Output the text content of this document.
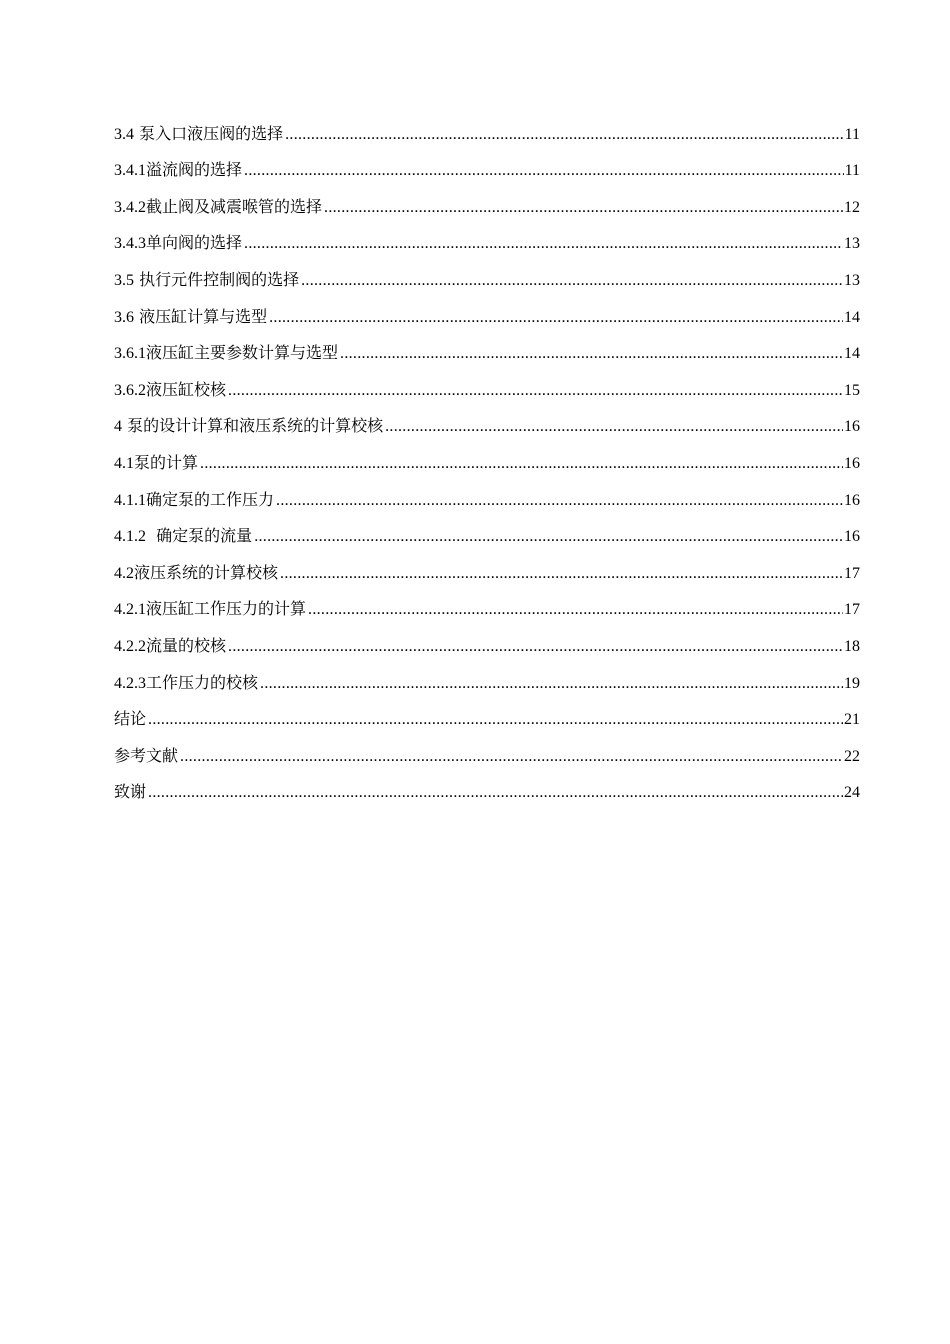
3.4 泵入口液压阀的选择 .....	11
3.4.1溢流阀的选择 .....	11
3.4.2截止阀及减震喉管的选择 .....	12
3.4.3单向阀的选择 .....	13
3.5 执行元件控制阀的选择 .....	13
3.6 液压缸计算与选型 .....	14
3.6.1液压缸主要参数计算与选型 .....	14
3.6.2液压缸校核 .....	15
4 泵的设计计算和液压系统的计算校核 .....	16
4.1泵的计算 .....	16
4.1.1确定泵的工作压力 .....	16
4.1.2  确定泵的流量 .....	16
4.2液压系统的计算校核 .....	17
4.2.1液压缸工作压力的计算 .....	17
4.2.2流量的校核 .....	18
4.2.3工作压力的校核 .....	19
结论 .....	21
参考文献 .....	22
致谢 .....	24
